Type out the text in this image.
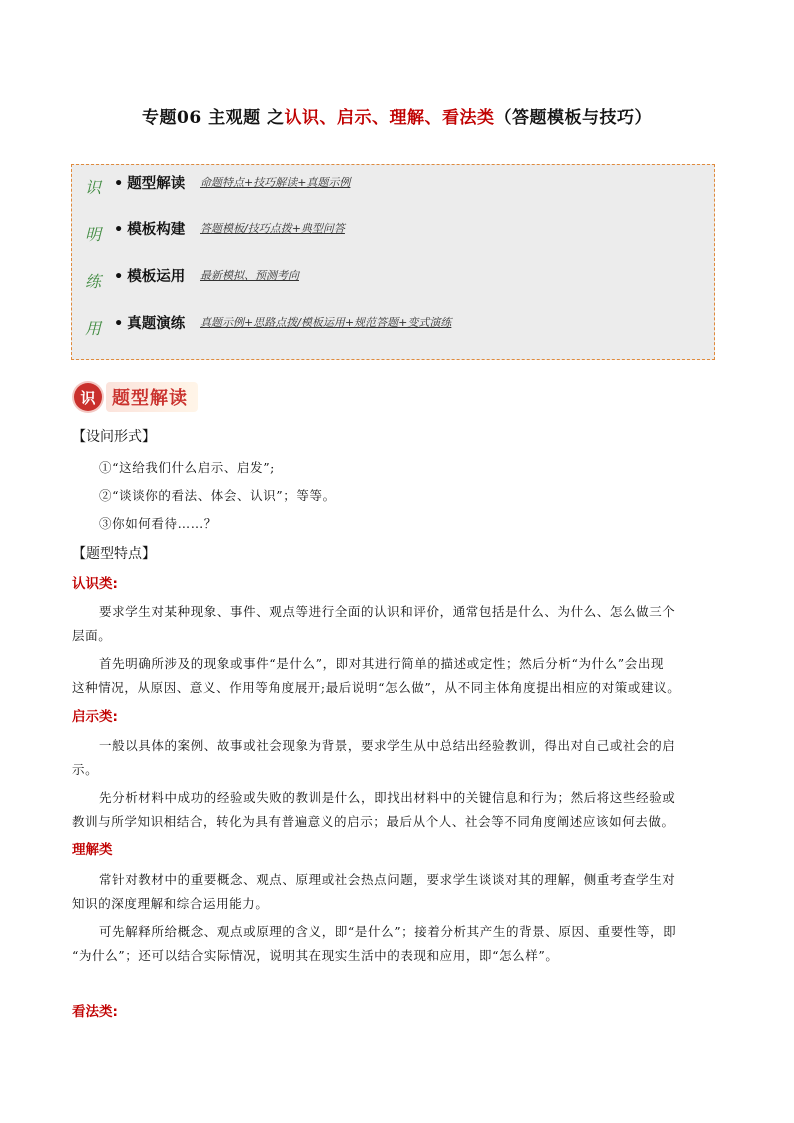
专题06 主观题 之认识、启示、理解、看法类（答题模板与技巧）
识
明
练
用
• 题型解读	命题特点+技巧解读+真题示例
• 模板构建	答题模板/技巧点拨+典型问答
• 模板运用	最新模拟、预测考向
• 真题演练	真题示例+思路点拨/模板运用+规范答题+变式演练
识 题型解读
【设问形式】
①“这给我们什么启示、启发”;
②“谈谈你的看法、体会、认识”；等等。
③你如何看待……？
【题型特点】
认识类:
要求学生对某种现象、事件、观点等进行全面的认识和评价，通常包括是什么、为什么、怎么做三个
层面。
首先明确所涉及的现象或事件“是什么”，即对其进行简单的描述或定性；然后分析“为什么”会出现
这种情况，从原因、意义、作用等角度展开;最后说明“怎么做”，从不同主体角度提出相应的对策或建议。
启示类:
一般以具体的案例、故事或社会现象为背景，要求学生从中总结出经验教训，得出对自己或社会的启
示。
先分析材料中成功的经验或失败的教训是什么，即找出材料中的关键信息和行为；然后将这些经验或
教训与所学知识相结合，转化为具有普遍意义的启示；最后从个人、社会等不同角度阐述应该如何去做。
理解类
常针对教材中的重要概念、观点、原理或社会热点问题，要求学生谈谈对其的理解，侧重考查学生对
知识的深度理解和综合运用能力。
可先解释所给概念、观点或原理的含义，即“是什么”；接着分析其产生的背景、原因、重要性等，即
“为什么”；还可以结合实际情况，说明其在现实生活中的表现和应用，即“怎么样”。
看法类:
